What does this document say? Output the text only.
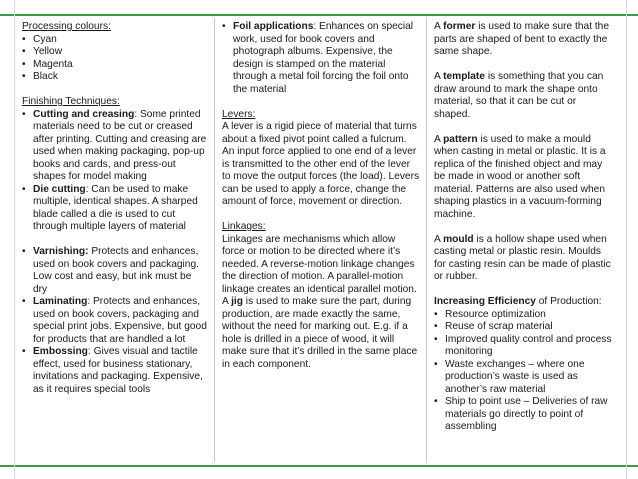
Processing colours:

• Cyan
• Yellow
• Magenta
• Black

Finishing Techniques:

• Cutting and creasing: Some printed materials need to be cut or creased after printing. Cutting and creasing are used when making packaging, pop-up books and cards, and press-out shapes for model making
• Die cutting: Can be used to make multiple, identical shapes. A sharped blade called a die is used to cut through multiple layers of material
• Varnishing: Protects and enhances, used on book covers and packaging. Low cost and easy, but ink must be dry
• Laminating: Protects and enhances, used on book covers, packaging and special print jobs. Expensive, but good for products that are handled a lot
• Embossing: Gives visual and tactile effect, used for business stationary, invitations and packaging. Expensive, as it requires special tools
• Foil applications: Enhances on special work, used for book covers and photograph albums. Expensive, the design is stamped on the material through a metal foil forcing the foil onto the material

Levers:

A lever is a rigid piece of material that turns about a fixed pivot point called a fulcrum. An input force applied to one end of a lever is transmitted to the other end of the lever to move the output forces (the load). Levers can be used to apply a force, change the amount of force, movement or direction.

Linkages:

Linkages are mechanisms which allow force or motion to be directed where it’s needed. A reverse-motion linkage changes the direction of motion. A parallel-motion linkage creates an identical parallel motion.

A jig is used to make sure the part, during production, are made exactly the same, without the need for marking out. E.g. if a hole is drilled in a piece of wood, it will make sure that it’s drilled in the same place in each component.

A former is used to make sure that the parts are shaped of bent to exactly the same shape.

A template is something that you can draw around to mark the shape onto material, so that it can be cut or shaped.

A pattern is used to make a mould when casting in metal or plastic. It is a replica of the finished object and may be made in wood or another soft material. Patterns are also used when shaping plastics in a vacuum-forming machine.

A mould is a hollow shape used when casting metal or plastic resin. Moulds for casting resin can be made of plastic or rubber.

Increasing Efficiency of Production:

• Resource optimization
• Reuse of scrap material
• Improved quality control and process monitoring
• Waste exchanges – where one production’s waste is used as another’s raw material
• Ship to point use – Deliveries of raw materials go directly to point of assembling
